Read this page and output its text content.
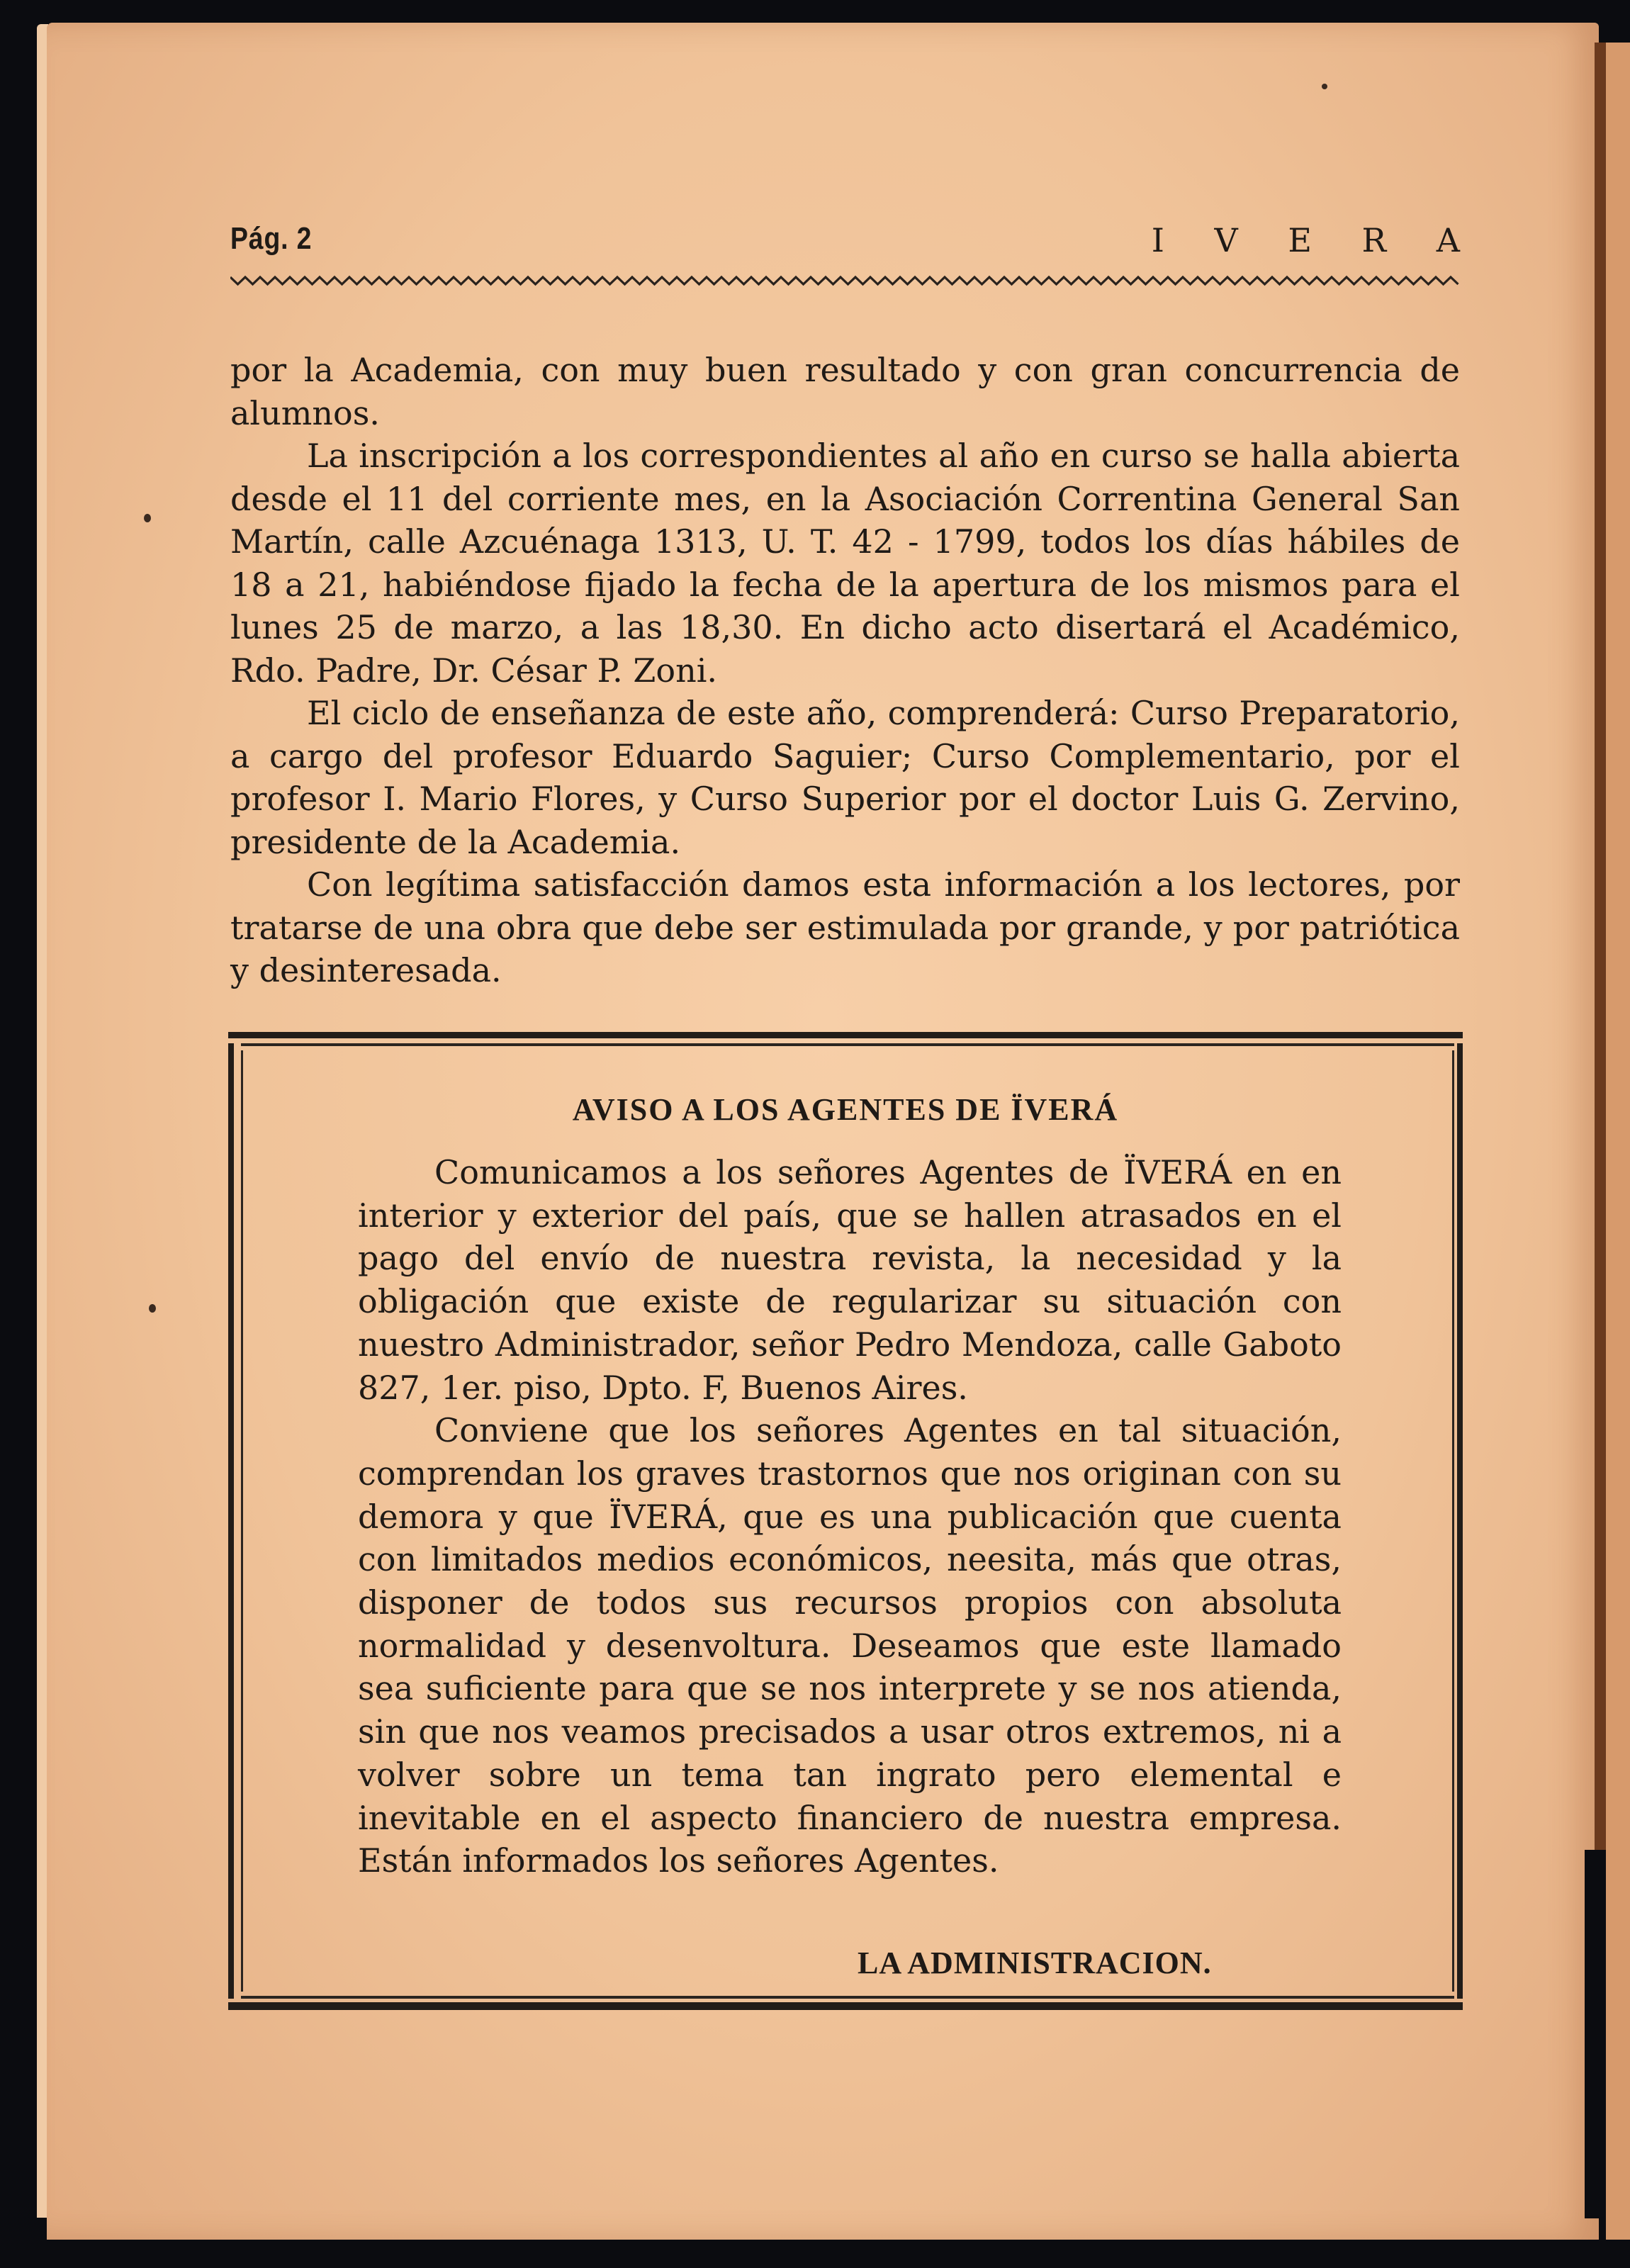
Pág. 2	I V E R A

por la Academia, con muy buen resultado y con gran concurrencia de alumnos.

La inscripción a los correspondientes al año en curso se halla abierta desde el 11 del corriente mes, en la Asociación Correntina General San Martín, calle Azcuénaga 1313, U. T. 42 - 1799, todos los días hábiles de 18 a 21, habiéndose fijado la fecha de la apertura de los mismos para el lunes 25 de marzo, a las 18,30. En dicho acto disertará el Académico, Rdo. Padre, Dr. César P. Zoni.

El ciclo de enseñanza de este año, comprenderá: Curso Preparatorio, a cargo del profesor Eduardo Saguier; Curso Complementario, por el profesor I. Mario Flores, y Curso Superior por el doctor Luis G. Zervino, presidente de la Academia.

Con legítima satisfacción damos esta información a los lectores, por tratarse de una obra que debe ser estimulada por grande, y por patriótica y desinteresada.

AVISO A LOS AGENTES DE ÏVERÁ

Comunicamos a los señores Agentes de ÏVERÁ en en interior y exterior del país, que se hallen atrasados en el pago del envío de nuestra revista, la necesidad y la obligación que existe de regularizar su situación con nuestro Administrador, señor Pedro Mendoza, calle Gaboto 827, 1er. piso, Dpto. F, Buenos Aires.

Conviene que los señores Agentes en tal situación, comprendan los graves trastornos que nos originan con su demora y que ÏVERÁ, que es una publicación que cuenta con limitados medios económicos, neesita, más que otras, disponer de todos sus recursos propios con absoluta normalidad y desenvoltura. Deseamos que este llamado sea suficiente para que se nos interprete y se nos atienda, sin que nos veamos precisados a usar otros extremos, ni a volver sobre un tema tan ingrato pero elemental e inevitable en el aspecto financiero de nuestra empresa. Están informados los señores Agentes.

LA ADMINISTRACION.
